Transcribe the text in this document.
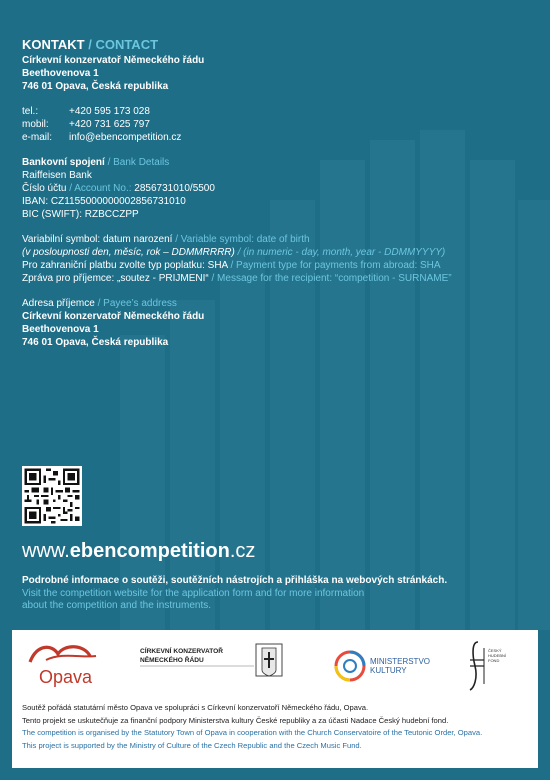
KONTAKT / CONTACT
Církevní konzervatoř Německého řádu
Beethovenova 1
746 01 Opava, Česká republika
tel.:	+420 595 173 028
mobil:	+420 731 625 797
e-mail:	info@ebencompetition.cz
Bankovní spojení / Bank Details
Raiffeisen Bank
Číslo účtu / Account No.: 2856731010/5500
IBAN: CZ1155000000002856731010
BIC (SWIFT): RZBCCZPP
Variabilní symbol: datum narození / Variable symbol: date of birth
(v posloupnosti den, měsíc, rok – DDMMRRRR) / (in numeric - day, month, year - DDMMYYYY)
Pro zahraniční platbu zvolte typ poplatku: SHA / Payment type for payments from abroad: SHA
Zpráva pro příjemce: „soutez - PRIJMENI“ / Message for the recipient: “competition - SURNAME”
Adresa příjemce / Payee’s address
Církevní konzervatoř Německého řádu
Beethovenova 1
746 01 Opava, Česká republika
www.ebencompetition.cz
Podrobné informace o soutěži, soutěžních nástrojích a přihláška na webových stránkách.
Visit the competition website for the application form and for more information
about the competition and the instruments.
Opava
CÍRKEVNÍ KONZERVATOŘ
NĚMECKÉHO ŘÁDU	MINISTERSTVO
KULTURY
ČESKÝ
HUDEBNÍ
FOND
Soutěž pořádá statutární město Opava ve spolupráci s Církevní konzervatoří Německého řádu, Opava.
Tento projekt se uskutečňuje za finanční podpory Ministerstva kultury České republiky a za účasti Nadace Český hudební fond.
The competition is organised by the Statutory Town of Opava in cooperation with the Church Conservatoire of the Teutonic Order, Opava.
This project is supported by the Ministry of Culture of the Czech Republic and the Czech Music Fund.
